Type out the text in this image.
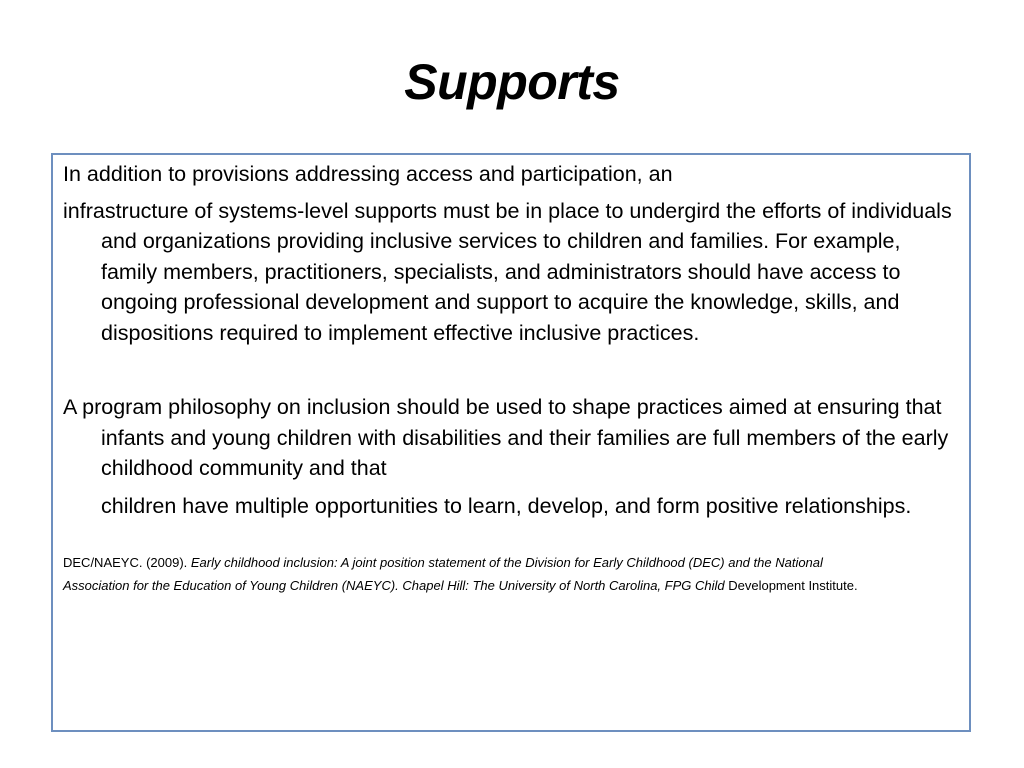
Supports

In addition to provisions addressing access and participation, an

infrastructure of systems-level supports must be in place to undergird the efforts of individuals and organizations providing inclusive services to children and families. For example, family members, practitioners, specialists, and administrators should have access to ongoing professional development and support to acquire the knowledge, skills, and dispositions required to implement effective inclusive practices.

A program philosophy on inclusion should be used to shape practices aimed at ensuring that infants and young children with disabilities and their families are full members of the early childhood community and that

children have multiple opportunities to learn, develop, and form positive relationships.

DEC/NAEYC. (2009). Early childhood inclusion: A joint position statement of the Division for Early Childhood (DEC) and the National

Association for the Education of Young Children (NAEYC). Chapel Hill: The University of North Carolina, FPG Child Development Institute.
